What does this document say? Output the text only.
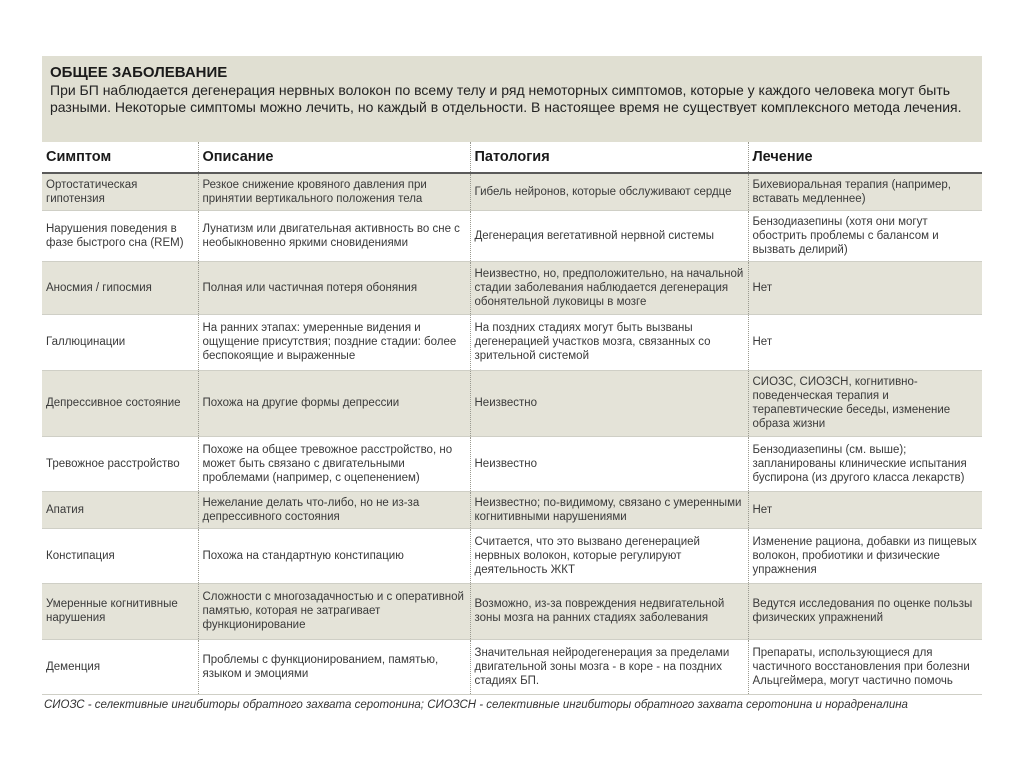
ОБЩЕЕ ЗАБОЛЕВАНИЕ
При БП наблюдается дегенерация нервных волокон по всему телу и ряд немоторных симптомов, которые у каждого человека могут быть разными. Некоторые симптомы можно лечить, но каждый в отдельности. В настоящее время не существует комплексного метода лечения.
Симптом	Описание	Патология	Лечение
Ортостатическая гипотензия	Резкое снижение кровяного давления при принятии вертикального положения тела	Гибель нейронов, которые обслуживают сердце	Бихевиоральная терапия (например, вставать медленнее)
Нарушения поведения в фазе быстрого сна (REM)	Лунатизм или двигательная активность во сне с необыкновенно яркими сновидениями	Дегенерация вегетативной нервной системы	Бензодиазепины (хотя они могут обострить проблемы с балансом и вызвать делирий)
Аносмия / гипосмия	Полная или частичная потеря обоняния	Неизвестно, но, предположительно, на начальной стадии заболевания наблюдается дегенерация обонятельной луковицы в мозге	Нет
Галлюцинации	На ранних этапах: умеренные видения и ощущение присутствия; поздние стадии: более беспокоящие и выраженные	На поздних стадиях могут быть вызваны дегенерацией участков мозга, связанных со зрительной системой	Нет
Депрессивное состояние	Похожа на другие формы депрессии	Неизвестно	СИОЗС, СИОЗСН, когнитивно-поведенческая терапия и терапевтические беседы, изменение образа жизни
Тревожное расстройство	Похоже на общее тревожное расстройство, но может быть связано с двигательными проблемами (например, с оцепенением)	Неизвестно	Бензодиазепины (см. выше); запланированы клинические испытания буспирона (из другого класса лекарств)
Апатия	Нежелание делать что-либо, но не из-за депрессивного состояния	Неизвестно; по-видимому, связано с умеренными когнитивными нарушениями	Нет
Констипация	Похожа на стандартную констипацию	Считается, что это вызвано дегенерацией нервных волокон, которые регулируют деятельность ЖКТ	Изменение рациона, добавки из пищевых волокон, пробиотики и физические упражнения
Умеренные когнитивные нарушения	Сложности с многозадачностью и с оперативной памятью, которая не затрагивает функционирование	Возможно, из-за повреждения недвигательной зоны мозга на ранних стадиях заболевания	Ведутся исследования по оценке пользы физических упражнений
Деменция	Проблемы с функционированием, памятью, языком и эмоциями	Значительная нейродегенерация за пределами двигательной зоны мозга - в коре - на поздних стадиях БП.	Препараты, использующиеся для частичного восстановления при болезни Альцгеймера, могут частично помочь
СИОЗС - селективные ингибиторы обратного захвата серотонина; СИОЗСН - селективные ингибиторы обратного захвата серотонина и норадреналина
